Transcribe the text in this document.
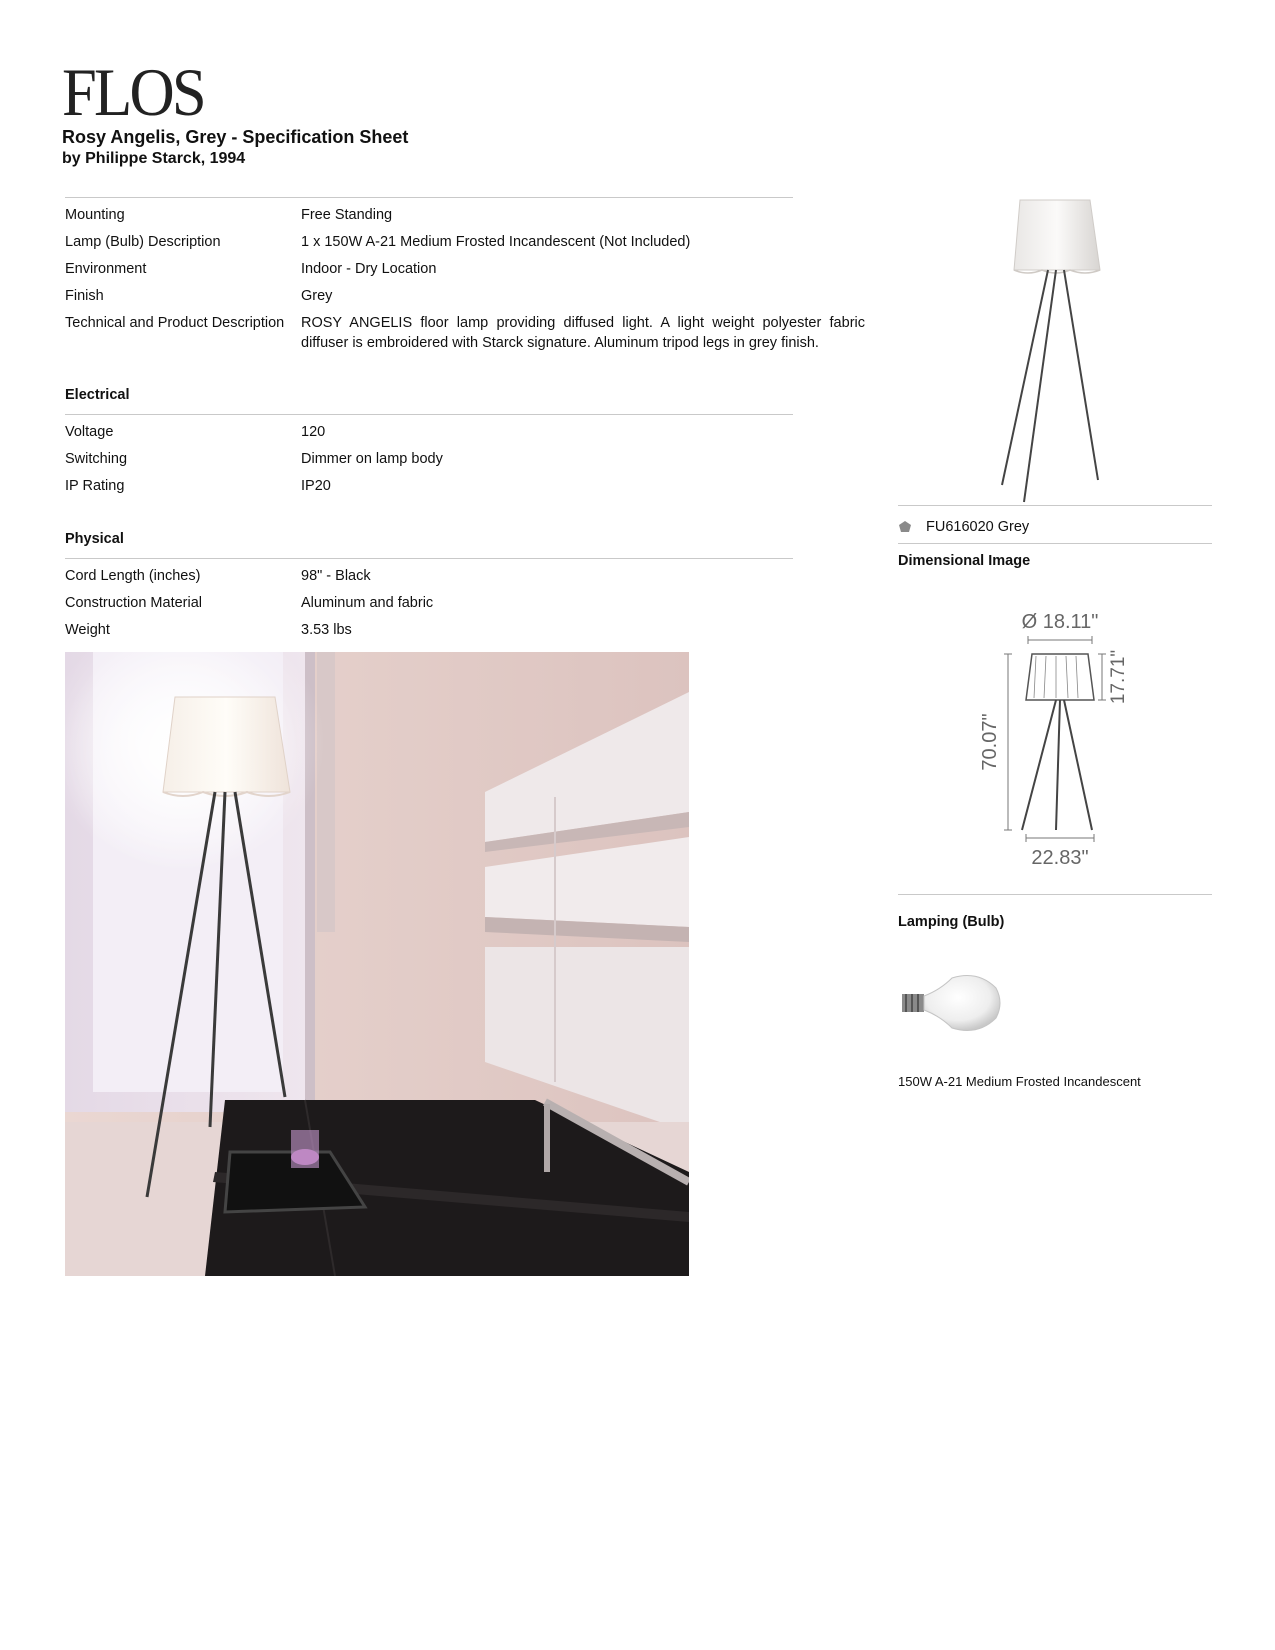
FLOS
Rosy Angelis, Grey - Specification Sheet
by Philippe Starck, 1994
Mounting	Free Standing
Lamp (Bulb) Description	1 x 150W A-21 Medium Frosted Incandescent (Not Included)
Environment	Indoor - Dry Location
Finish	Grey
Technical and Product Description	ROSY ANGELIS floor lamp providing diffused light. A light weight polyester fabric diffuser is embroidered with Starck signature. Aluminum tripod legs in grey finish.
Electrical
Voltage	120
Switching	Dimmer on lamp body
IP Rating	IP20
Physical
Cord Length (inches)	98" - Black
Construction Material	Aluminum and fabric
Weight	3.53 lbs
FU616020 Grey
Dimensional Image
Ø 18.11"
17.71"
70.07"
22.83"
Lamping (Bulb)
150W A-21 Medium Frosted Incandescent
